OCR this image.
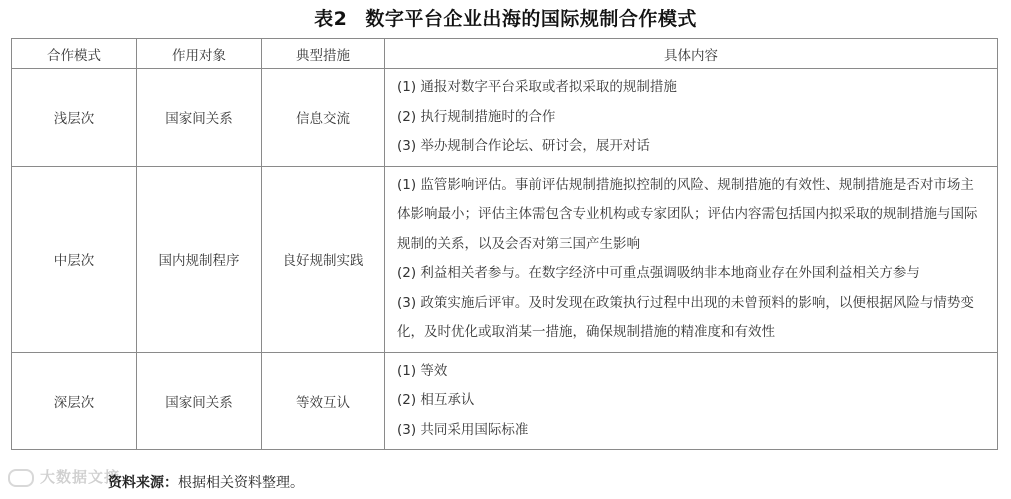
表2 数字平台企业出海的国际规制合作模式
合作模式	作用对象	典型措施	具体内容
浅层次	国家间关系	信息交流	(1) 通报对数字平台采取或者拟采取的规制措施
(2) 执行规制措施时的合作
(3) 举办规制合作论坛、研讨会，展开对话

中层次	国内规制程序	良好规制实践	(1) 监管影响评估。事前评估规制措施拟控制的风险、规制措施的有效性、规制措施是否对市场主体影响最小；评估主体需包含专业机构或专家团队；评估内容需包括国内拟采取的规制措施与国际规制的关系，以及会否对第三国产生影响
(2) 利益相关者参与。在数字经济中可重点强调吸纳非本地商业存在外国利益相关方参与
(3) 政策实施后评审。及时发现在政策执行过程中出现的未曾预料的影响，以便根据风险与情势变化，及时优化或取消某一措施，确保规制措施的精准度和有效性

深层次	国家间关系	等效互认	(1) 等效
(2) 相互承认
(3) 共同采用国际标准
大数据文摘
资料来源：根据相关资料整理。
